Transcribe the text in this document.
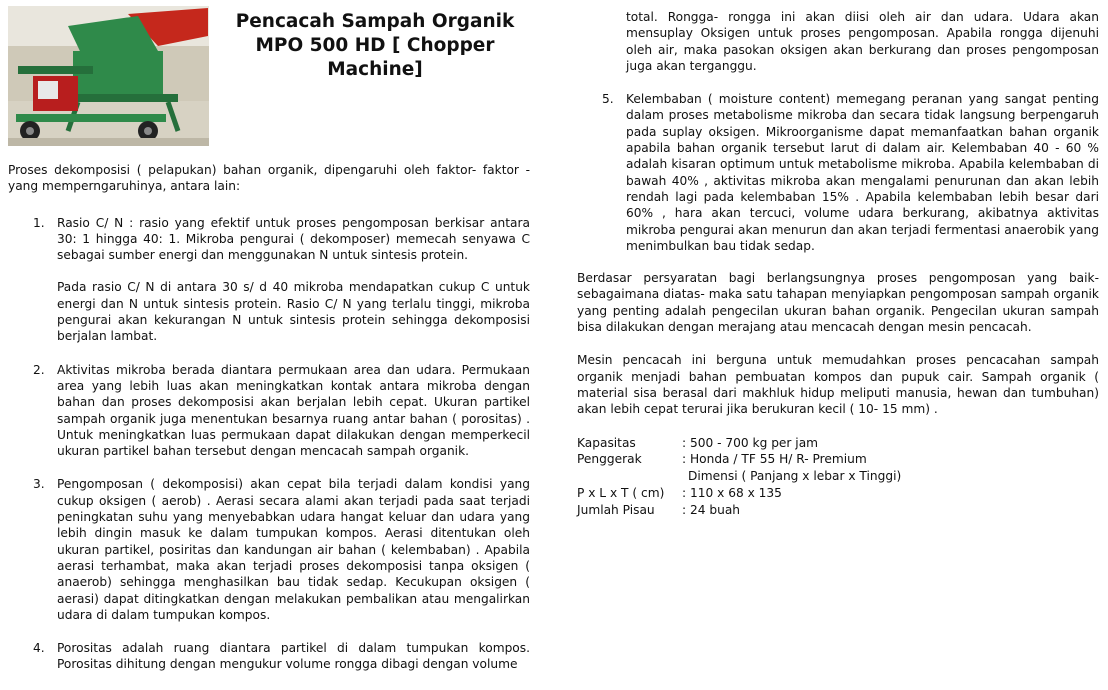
Pencacah Sampah Organik MPO 500 HD [ Chopper Machine]

Proses dekomposisi ( pelapukan) bahan organik, dipengaruhi oleh faktor- faktor - yang memperngaruhinya, antara lain:

1. Rasio C/ N : rasio yang efektif untuk proses pengomposan berkisar antara 30: 1 hingga 40: 1. Mikroba pengurai ( dekomposer) memecah senyawa C sebagai sumber energi dan menggunakan N untuk sintesis protein.

Pada rasio C/ N di antara 30 s/ d 40 mikroba mendapatkan cukup C untuk energi dan N untuk sintesis protein. Rasio C/ N yang terlalu tinggi, mikroba pengurai akan kekurangan N untuk sintesis protein sehingga dekomposisi berjalan lambat.

2. Aktivitas mikroba berada diantara permukaan area dan udara. Permukaan area yang lebih luas akan meningkatkan kontak antara mikroba dengan bahan dan proses dekomposisi akan berjalan lebih cepat. Ukuran partikel sampah organik juga menentukan besarnya ruang antar bahan ( porositas) . Untuk meningkatkan luas permukaan dapat dilakukan dengan memperkecil ukuran partikel bahan tersebut dengan mencacah sampah organik.

3. Pengomposan ( dekomposisi) akan cepat bila terjadi dalam kondisi yang cukup oksigen ( aerob) . Aerasi secara alami akan terjadi pada saat terjadi peningkatan suhu yang menyebabkan udara hangat keluar dan udara yang lebih dingin masuk ke dalam tumpukan kompos. Aerasi ditentukan oleh ukuran partikel, posiritas dan kandungan air bahan ( kelembaban) . Apabila aerasi terhambat, maka akan terjadi proses dekomposisi tanpa oksigen ( anaerob) sehingga menghasilkan bau tidak sedap. Kecukupan oksigen ( aerasi) dapat ditingkatkan dengan melakukan pembalikan atau mengalirkan udara di dalam tumpukan kompos.

4. Porositas adalah ruang diantara partikel di dalam tumpukan kompos. Porositas dihitung dengan mengukur volume rongga dibagi dengan volume

total. Rongga- rongga ini akan diisi oleh air dan udara. Udara akan mensuplay Oksigen untuk proses pengomposan. Apabila rongga dijenuhi oleh air, maka pasokan oksigen akan berkurang dan proses pengomposan juga akan terganggu.

5. Kelembaban ( moisture content) memegang peranan yang sangat penting dalam proses metabolisme mikroba dan secara tidak langsung berpengaruh pada suplay oksigen. Mikroorganisme dapat memanfaatkan bahan organik apabila bahan organik tersebut larut di dalam air. Kelembaban 40 - 60 % adalah kisaran optimum untuk metabolisme mikroba. Apabila kelembaban di bawah 40% , aktivitas mikroba akan mengalami penurunan dan akan lebih rendah lagi pada kelembaban 15% . Apabila kelembaban lebih besar dari 60% , hara akan tercuci, volume udara berkurang, akibatnya aktivitas mikroba pengurai akan menurun dan akan terjadi fermentasi anaerobik yang menimbulkan bau tidak sedap.

Berdasar persyaratan bagi berlangsungnya proses pengomposan yang baik- sebagaimana diatas- maka satu tahapan menyiapkan pengomposan sampah organik yang penting adalah pengecilan ukuran bahan organik. Pengecilan ukuran sampah bisa dilakukan dengan merajang atau mencacah dengan mesin pencacah.

Mesin pencacah ini berguna untuk memudahkan proses pencacahan sampah organik menjadi bahan pembuatan kompos dan pupuk cair. Sampah organik ( material sisa berasal dari makhluk hidup meliputi manusia, hewan dan tumbuhan) akan lebih cepat terurai jika berukuran kecil ( 10- 15 mm) .

Kapasitas	: 500 - 700 kg per jam
Penggerak	: Honda / TF 55 H/ R- Premium
Dimensi ( Panjang x lebar x Tinggi)
P x L x T ( cm)	: 110 x 68 x 135
Jumlah Pisau	: 24 buah
